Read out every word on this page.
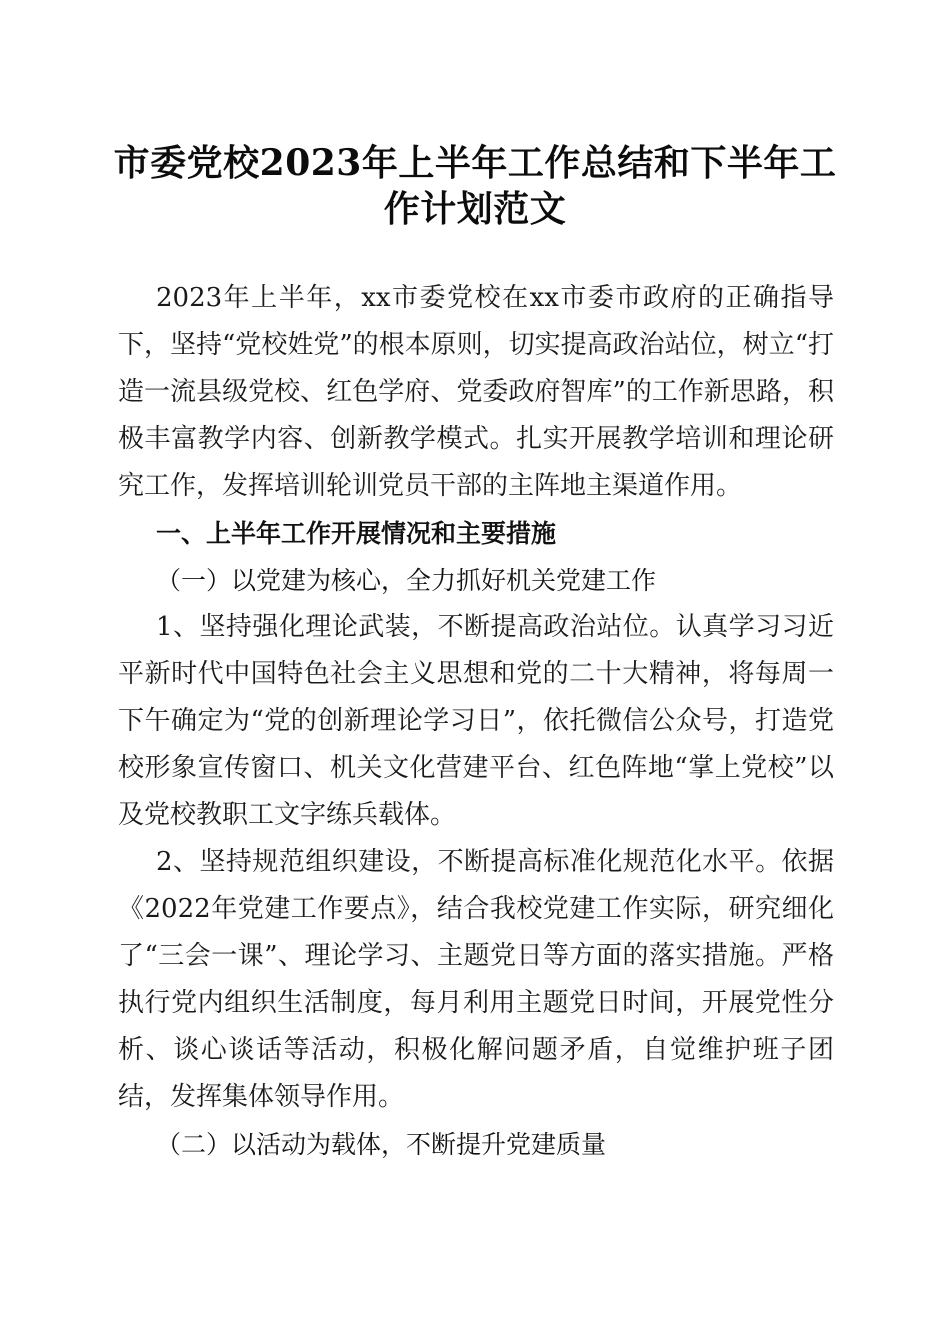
市委党校2023年上半年工作总结和下半年工
作计划范文

2023年上半年，xx市委党校在xx市委市政府的正确指导下，坚持“党校姓党”的根本原则，切实提高政治站位，树立“打造一流县级党校、红色学府、党委政府智库”的工作新思路，积极丰富教学内容、创新教学模式。扎实开展教学培训和理论研究工作，发挥培训轮训党员干部的主阵地主渠道作用。

一、上半年工作开展情况和主要措施

（一）以党建为核心，全力抓好机关党建工作

1、坚持强化理论武装，不断提高政治站位。认真学习习近平新时代中国特色社会主义思想和党的二十大精神，将每周一下午确定为“党的创新理论学习日”，依托微信公众号，打造党校形象宣传窗口、机关文化营建平台、红色阵地“掌上党校”以及党校教职工文字练兵载体。

2、坚持规范组织建设，不断提高标准化规范化水平。依据《2022年党建工作要点》，结合我校党建工作实际，研究细化了“三会一课”、理论学习、主题党日等方面的落实措施。严格执行党内组织生活制度，每月利用主题党日时间，开展党性分析、谈心谈话等活动，积极化解问题矛盾，自觉维护班子团结，发挥集体领导作用。

（二）以活动为载体，不断提升党建质量
